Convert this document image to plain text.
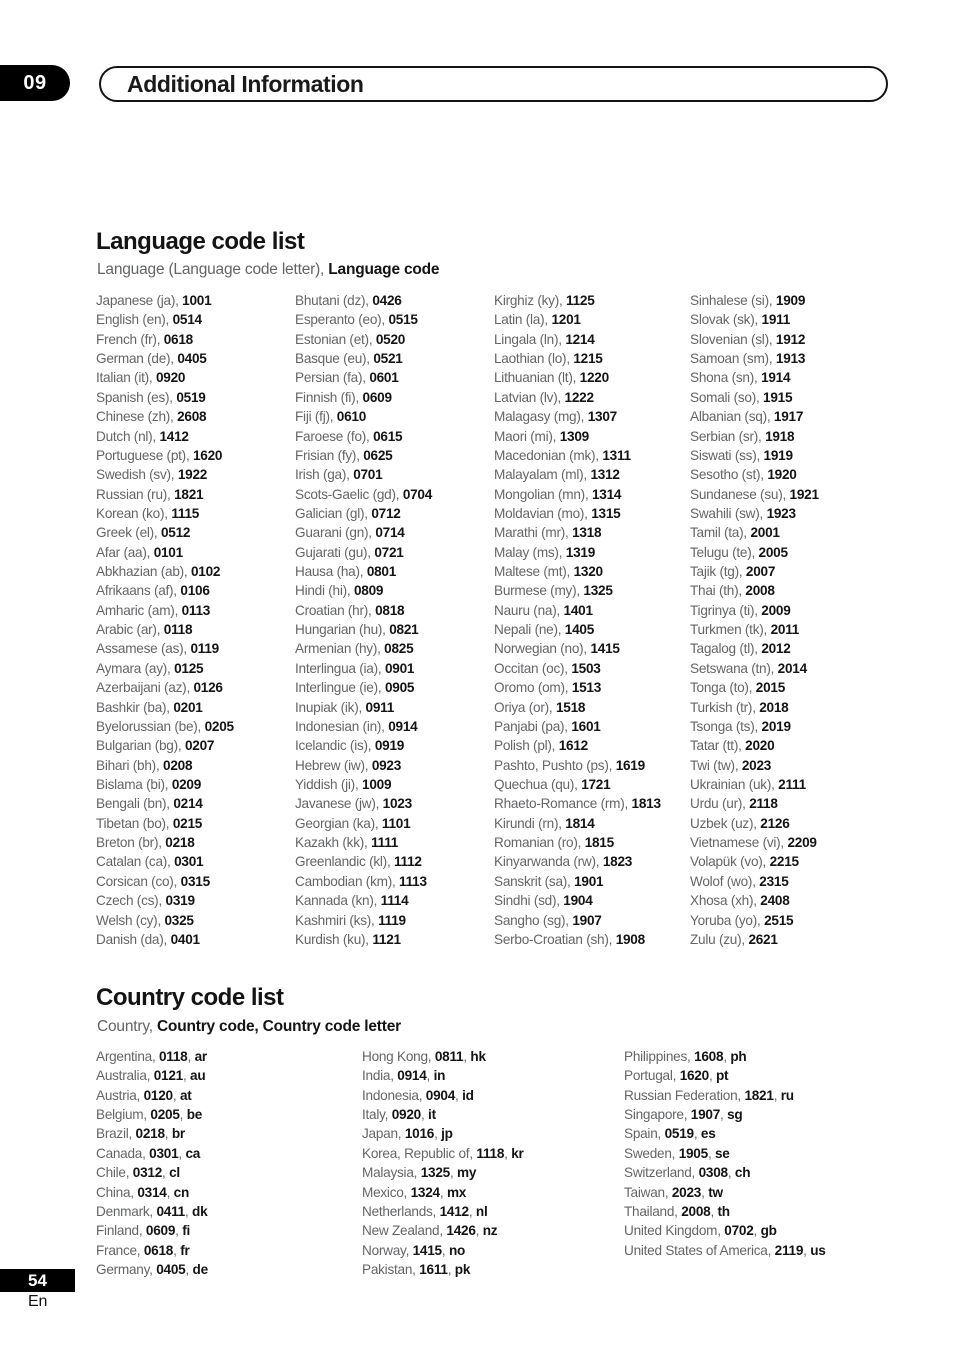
09	Additional Information
Language code list

Language (Language code letter), Language code

Japanese (ja), 1001
English (en), 0514
French (fr), 0618
German (de), 0405
Italian (it), 0920
Spanish (es), 0519
Chinese (zh), 2608
Dutch (nl), 1412
Portuguese (pt), 1620
Swedish (sv), 1922
Russian (ru), 1821
Korean (ko), 1115
Greek (el), 0512
Afar (aa), 0101
Abkhazian (ab), 0102
Afrikaans (af), 0106
Amharic (am), 0113
Arabic (ar), 0118
Assamese (as), 0119
Aymara (ay), 0125
Azerbaijani (az), 0126
Bashkir (ba), 0201
Byelorussian (be), 0205
Bulgarian (bg), 0207
Bihari (bh), 0208
Bislama (bi), 0209
Bengali (bn), 0214
Tibetan (bo), 0215
Breton (br), 0218
Catalan (ca), 0301
Corsican (co), 0315
Czech (cs), 0319
Welsh (cy), 0325
Danish (da), 0401
Bhutani (dz), 0426
Esperanto (eo), 0515
Estonian (et), 0520
Basque (eu), 0521
Persian (fa), 0601
Finnish (fi), 0609
Fiji (fj), 0610
Faroese (fo), 0615
Frisian (fy), 0625
Irish (ga), 0701
Scots-Gaelic (gd), 0704
Galician (gl), 0712
Guarani (gn), 0714
Gujarati (gu), 0721
Hausa (ha), 0801
Hindi (hi), 0809
Croatian (hr), 0818
Hungarian (hu), 0821
Armenian (hy), 0825
Interlingua (ia), 0901
Interlingue (ie), 0905
Inupiak (ik), 0911
Indonesian (in), 0914
Icelandic (is), 0919
Hebrew (iw), 0923
Yiddish (ji), 1009
Javanese (jw), 1023
Georgian (ka), 1101
Kazakh (kk), 1111
Greenlandic (kl), 1112
Cambodian (km), 1113
Kannada (kn), 1114
Kashmiri (ks), 1119
Kurdish (ku), 1121
Kirghiz (ky), 1125
Latin (la), 1201
Lingala (ln), 1214
Laothian (lo), 1215
Lithuanian (lt), 1220
Latvian (lv), 1222
Malagasy (mg), 1307
Maori (mi), 1309
Macedonian (mk), 1311
Malayalam (ml), 1312
Mongolian (mn), 1314
Moldavian (mo), 1315
Marathi (mr), 1318
Malay (ms), 1319
Maltese (mt), 1320
Burmese (my), 1325
Nauru (na), 1401
Nepali (ne), 1405
Norwegian (no), 1415
Occitan (oc), 1503
Oromo (om), 1513
Oriya (or), 1518
Panjabi (pa), 1601
Polish (pl), 1612
Pashto, Pushto (ps), 1619
Quechua (qu), 1721
Rhaeto-Romance (rm), 1813
Kirundi (rn), 1814
Romanian (ro), 1815
Kinyarwanda (rw), 1823
Sanskrit (sa), 1901
Sindhi (sd), 1904
Sangho (sg), 1907
Serbo-Croatian (sh), 1908
Sinhalese (si), 1909
Slovak (sk), 1911
Slovenian (sl), 1912
Samoan (sm), 1913
Shona (sn), 1914
Somali (so), 1915
Albanian (sq), 1917
Serbian (sr), 1918
Siswati (ss), 1919
Sesotho (st), 1920
Sundanese (su), 1921
Swahili (sw), 1923
Tamil (ta), 2001
Telugu (te), 2005
Tajik (tg), 2007
Thai (th), 2008
Tigrinya (ti), 2009
Turkmen (tk), 2011
Tagalog (tl), 2012
Setswana (tn), 2014
Tonga (to), 2015
Turkish (tr), 2018
Tsonga (ts), 2019
Tatar (tt), 2020
Twi (tw), 2023
Ukrainian (uk), 2111
Urdu (ur), 2118
Uzbek (uz), 2126
Vietnamese (vi), 2209
Volapük (vo), 2215
Wolof (wo), 2315
Xhosa (xh), 2408
Yoruba (yo), 2515
Zulu (zu), 2621
Country code list

Country, Country code, Country code letter

Argentina, 0118, ar
Australia, 0121, au
Austria, 0120, at
Belgium, 0205, be
Brazil, 0218, br
Canada, 0301, ca
Chile, 0312, cl
China, 0314, cn
Denmark, 0411, dk
Finland, 0609, fi
France, 0618, fr
Germany, 0405, de
Hong Kong, 0811, hk
India, 0914, in
Indonesia, 0904, id
Italy, 0920, it
Japan, 1016, jp
Korea, Republic of, 1118, kr
Malaysia, 1325, my
Mexico, 1324, mx
Netherlands, 1412, nl
New Zealand, 1426, nz
Norway, 1415, no
Pakistan, 1611, pk
Philippines, 1608, ph
Portugal, 1620, pt
Russian Federation, 1821, ru
Singapore, 1907, sg
Spain, 0519, es
Sweden, 1905, se
Switzerland, 0308, ch
Taiwan, 2023, tw
Thailand, 2008, th
United Kingdom, 0702, gb
United States of America, 2119, us
54
En
